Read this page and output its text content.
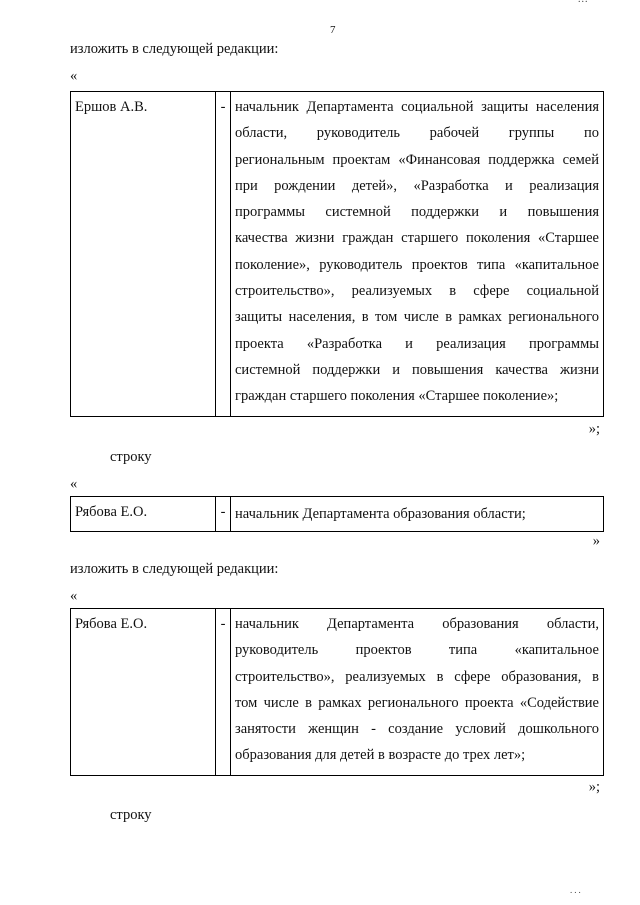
7
изложить в следующей редакции:
«
Ершов А.В.	-	начальник Департамента социальной защиты населения
области, руководитель рабочей группы по
региональным проектам «Финансовая поддержка семей
при рождении детей», «Разработка и реализация
программы системной поддержки и повышения
качества жизни граждан старшего поколения «Старшее
поколение», руководитель проектов типа «капитальное
строительство», реализуемых в сфере социальной
защиты населения, в том числе в рамках регионального
проекта «Разработка и реализация программы
системной поддержки и повышения качества жизни
граждан старшего поколения «Старшее поколение»;
»;
строку
«
Рябова Е.О.	-	начальник Департамента образования области;
»
изложить в следующей редакции:
«
Рябова Е.О.	-	начальник Департамента образования области,
руководитель проектов типа «капитальное
строительство», реализуемых в сфере образования, в
том числе в рамках регионального проекта «Содействие
занятости женщин - создание условий дошкольного
образования для детей в возрасте до трех лет»;
»;
строку
...
